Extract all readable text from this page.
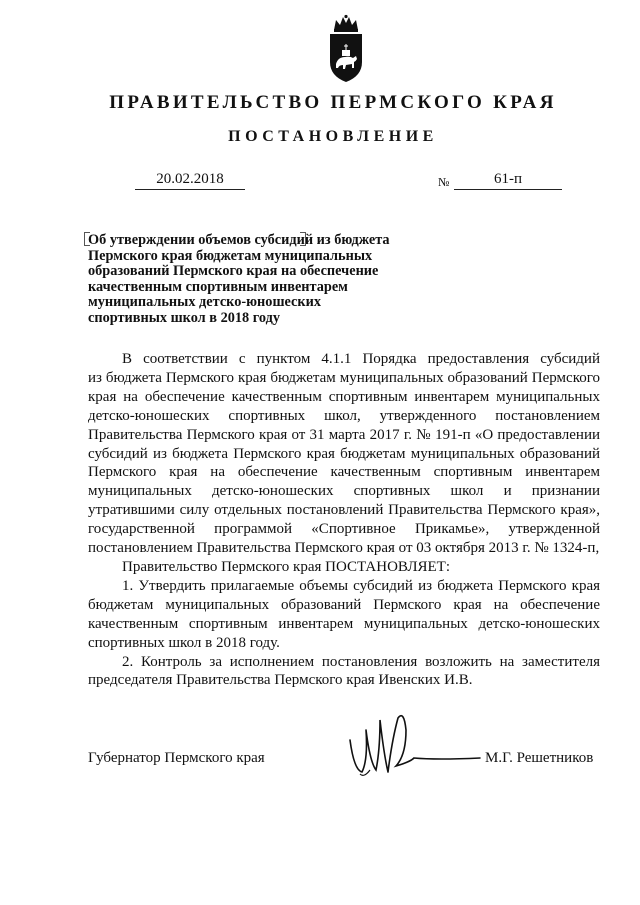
ПРАВИТЕЛЬСТВО ПЕРМСКОГО КРАЯ
ПОСТАНОВЛЕНИЕ
20.02.2018	№	61-п
Об утверждении объемов субсидий из бюджета
Пермского края бюджетам муниципальных
образований Пермского края на обеспечение
качественным спортивным инвентарем
муниципальных детско-юношеских
спортивных школ в 2018 году

В соответствии с пунктом 4.1.1 Порядка предоставления субсидий
из бюджета Пермского края бюджетам муниципальных образований Пермского
края на обеспечение качественным спортивным инвентарем муниципальных
детско-юношеских спортивных школ, утвержденного постановлением
Правительства Пермского края от 31 марта 2017 г. № 191-п «О предоставлении
субсидий из бюджета Пермского края бюджетам муниципальных образований
Пермского края на обеспечение качественным спортивным инвентарем
муниципальных детско-юношеских спортивных школ и признании
утратившими силу отдельных постановлений Правительства Пермского края»,
государственной программой «Спортивное Прикамье», утвержденной
постановлением Правительства Пермского края от 03 октября 2013 г. № 1324-п,

Правительство Пермского края ПОСТАНОВЛЯЕТ:

1. Утвердить прилагаемые объемы субсидий из бюджета Пермского края
бюджетам муниципальных образований Пермского края на обеспечение
качественным спортивным инвентарем муниципальных детско-юношеских
спортивных школ в 2018 году.

2. Контроль за исполнением постановления возложить на заместителя
председателя Правительства Пермского края Ивенских И.В.

Губернатор Пермского края	М.Г. Решетников
